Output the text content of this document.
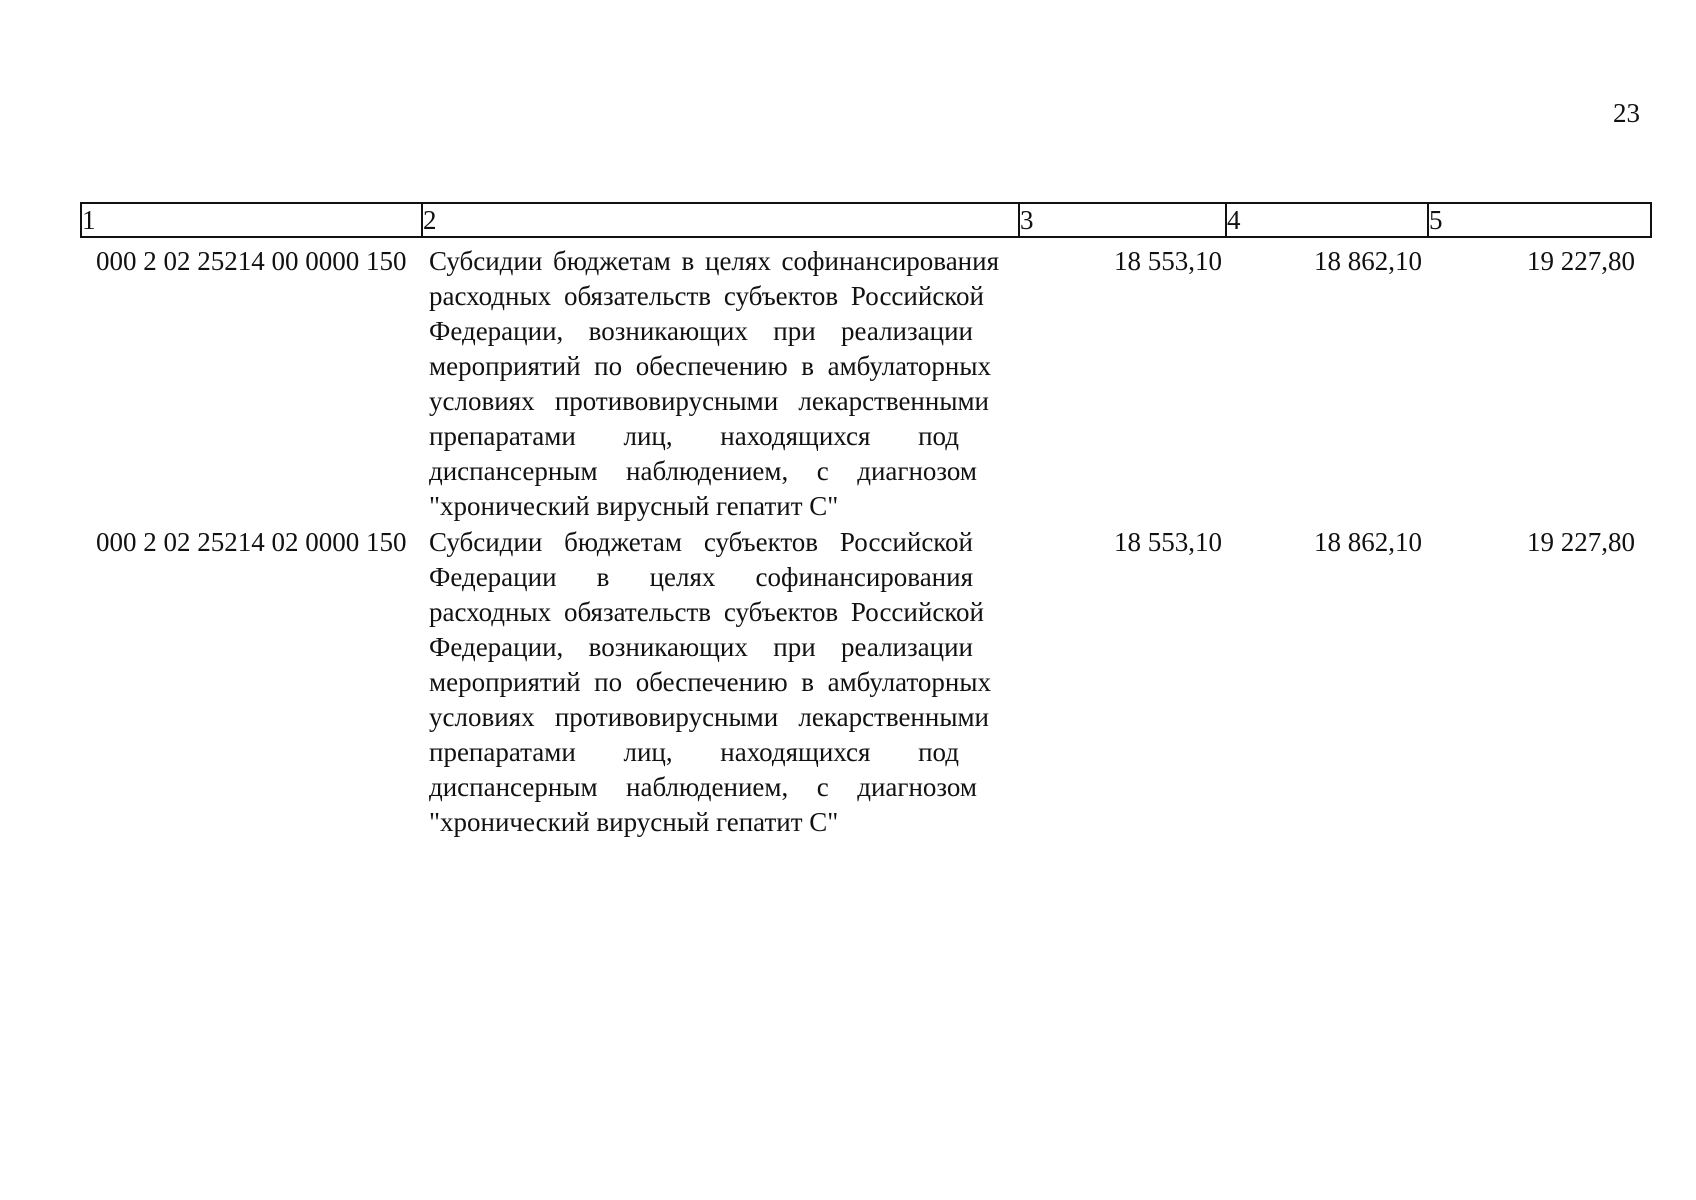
23
1	2	3	4	5
000 2 02 25214 00 0000 150 Субсидии бюджетам в целях софинансирования
расходных обязательств субъектов Российской
Федерации, возникающих при реализации
мероприятий по обеспечению в амбулаторных
условиях противовирусными лекарственными
препаратами лиц, находящихся под
диспансерным наблюдением, с диагнозом
"хронический вирусный гепатит С"
18 553,10	18 862,10	19 227,80
000 2 02 25214 02 0000 150 Субсидии бюджетам субъектов Российской
Федерации в целях софинансирования
расходных обязательств субъектов Российской
Федерации, возникающих при реализации
мероприятий по обеспечению в амбулаторных
условиях противовирусными лекарственными
препаратами лиц, находящихся под
диспансерным наблюдением, с диагнозом
"хронический вирусный гепатит С"
18 553,10	18 862,10	19 227,80
